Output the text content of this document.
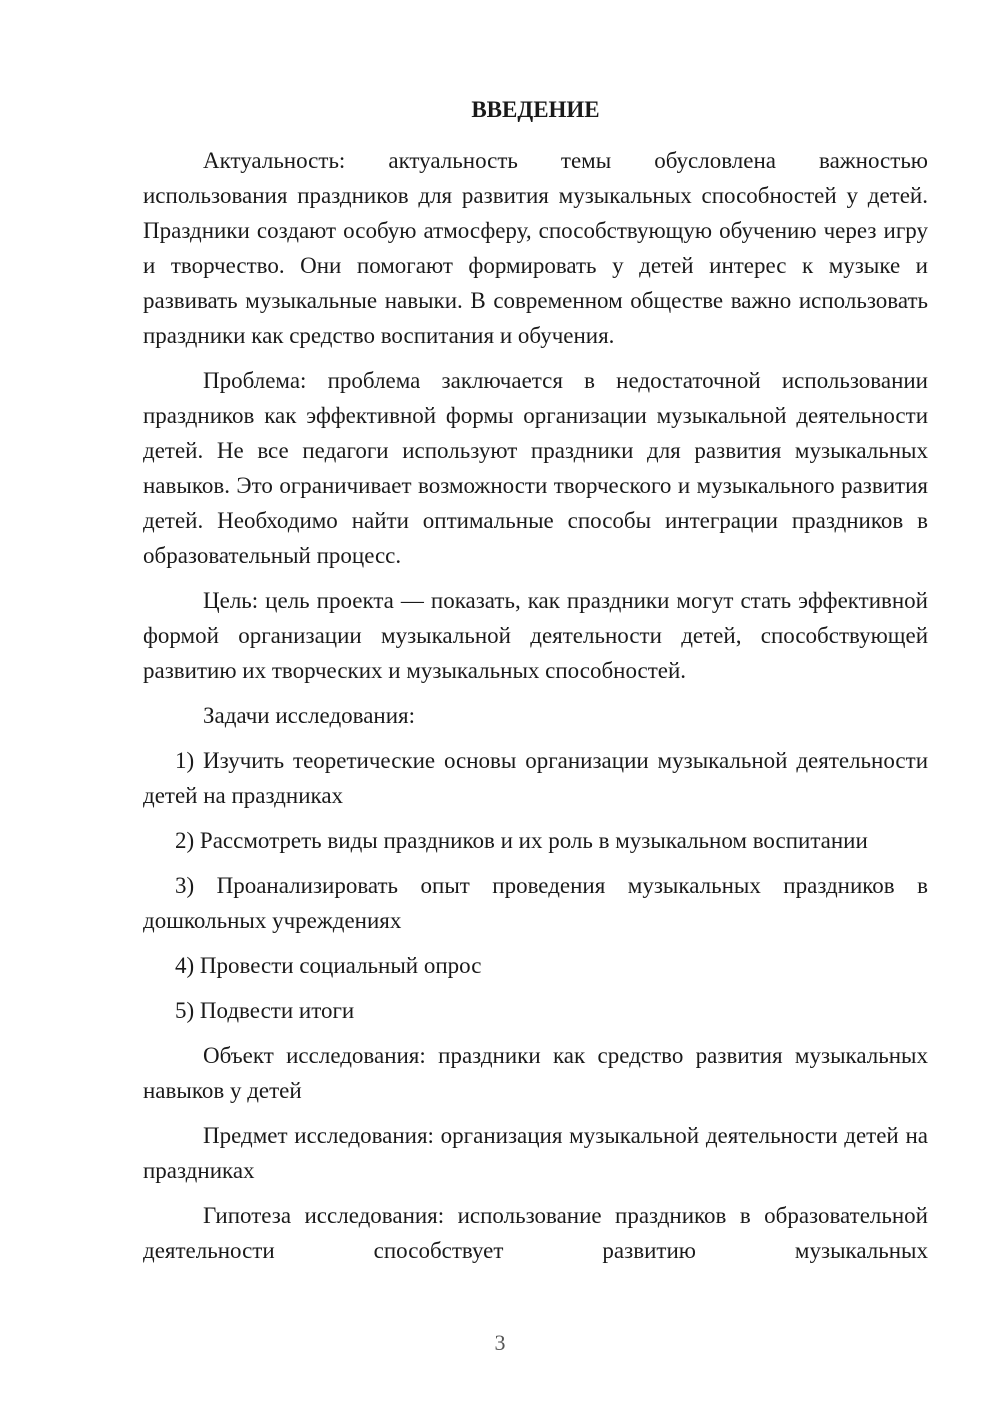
ВВЕДЕНИЕ

Актуальность: актуальность темы обусловлена важностью использования праздников для развития музыкальных способностей у детей. Праздники создают особую атмосферу, способствующую обучению через игру и творчество. Они помогают формировать у детей интерес к музыке и развивать музыкальные навыки. В современном обществе важно использовать праздники как средство воспитания и обучения.

Проблема: проблема заключается в недостаточной использовании праздников как эффективной формы организации музыкальной деятельности детей. Не все педагоги используют праздники для развития музыкальных навыков. Это ограничивает возможности творческого и музыкального развития детей. Необходимо найти оптимальные способы интеграции праздников в образовательный процесс.

Цель: цель проекта — показать, как праздники могут стать эффективной формой организации музыкальной деятельности детей, способствующей развитию их творческих и музыкальных способностей.

Задачи исследования:

1) Изучить теоретические основы организации музыкальной деятельности детей на праздниках

2) Рассмотреть виды праздников и их роль в музыкальном воспитании

3) Проанализировать опыт проведения музыкальных праздников в дошкольных учреждениях

4) Провести социальный опрос

5) Подвести итоги

Объект исследования: праздники как средство развития музыкальных навыков у детей

Предмет исследования: организация музыкальной деятельности детей на праздниках

Гипотеза исследования: использование праздников в образовательной деятельности способствует развитию музыкальных

3
